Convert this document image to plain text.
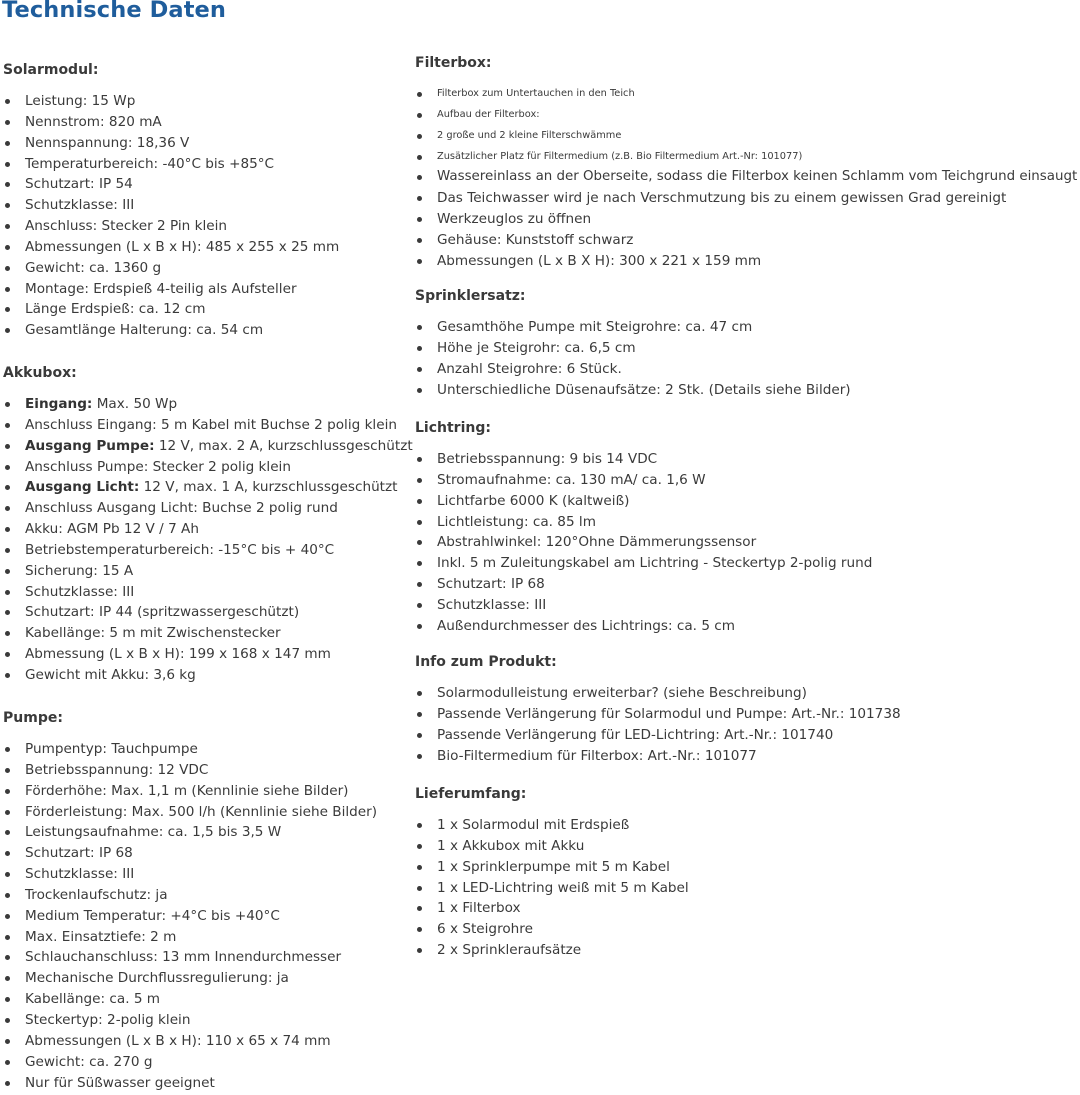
Technische Daten
Solarmodul:
Leistung: 15 Wp
Nennstrom: 820 mA
Nennspannung: 18,36 V
Temperaturbereich: -40°C bis +85°C
Schutzart: IP 54
Schutzklasse: III
Anschluss: Stecker 2 Pin klein
Abmessungen (L x B x H): 485 x 255 x 25 mm
Gewicht: ca. 1360 g
Montage: Erdspieß 4-teilig als Aufsteller
Länge Erdspieß: ca. 12 cm
Gesamtlänge Halterung: ca. 54 cm
Akkubox:
Eingang: Max. 50 Wp
Anschluss Eingang: 5 m Kabel mit Buchse 2 polig klein
Ausgang Pumpe: 12 V, max. 2 A, kurzschlussgeschützt
Anschluss Pumpe: Stecker 2 polig klein
Ausgang Licht: 12 V, max. 1 A, kurzschlussgeschützt
Anschluss Ausgang Licht: Buchse 2 polig rund
Akku: AGM Pb 12 V / 7 Ah
Betriebstemperaturbereich: -15°C bis + 40°C
Sicherung: 15 A
Schutzklasse: III
Schutzart: IP 44 (spritzwassergeschützt)
Kabellänge: 5 m mit Zwischenstecker
Abmessung (L x B x H): 199 x 168 x 147 mm
Gewicht mit Akku: 3,6 kg
Pumpe:
Pumpentyp: Tauchpumpe
Betriebsspannung: 12 VDC
Förderhöhe: Max. 1,1 m (Kennlinie siehe Bilder)
Förderleistung: Max. 500 l/h (Kennlinie siehe Bilder)
Leistungsaufnahme: ca. 1,5 bis 3,5 W
Schutzart: IP 68
Schutzklasse: III
Trockenlaufschutz: ja
Medium Temperatur: +4°C bis +40°C
Max. Einsatztiefe: 2 m
Schlauchanschluss: 13 mm Innendurchmesser
Mechanische Durchflussregulierung: ja
Kabellänge: ca. 5 m
Steckertyp: 2-polig klein
Abmessungen (L x B x H): 110 x 65 x 74 mm
Gewicht: ca. 270 g
Nur für Süßwasser geeignet
Filterbox:
Filterbox zum Untertauchen in den Teich
Aufbau der Filterbox:
2 große und 2 kleine Filterschwämme
Zusätzlicher Platz für Filtermedium (z.B. Bio Filtermedium Art.-Nr: 101077)
Wassereinlass an der Oberseite, sodass die Filterbox keinen Schlamm vom Teichgrund einsaugt
Das Teichwasser wird je nach Verschmutzung bis zu einem gewissen Grad gereinigt
Werkzeuglos zu öffnen
Gehäuse: Kunststoff schwarz
Abmessungen (L x B X H): 300 x 221 x 159 mm
Sprinklersatz:
Gesamthöhe Pumpe mit Steigrohre: ca. 47 cm
Höhe je Steigrohr: ca. 6,5 cm
Anzahl Steigrohre: 6 Stück.
Unterschiedliche Düsenaufsätze: 2 Stk. (Details siehe Bilder)
Lichtring:
Betriebsspannung: 9 bis 14 VDC
Stromaufnahme: ca. 130 mA/ ca. 1,6 W
Lichtfarbe 6000 K (kaltweiß)
Lichtleistung: ca. 85 lm
Abstrahlwinkel: 120°Ohne Dämmerungssensor
Inkl. 5 m Zuleitungskabel am Lichtring - Steckertyp 2-polig rund
Schutzart: IP 68
Schutzklasse: III
Außendurchmesser des Lichtrings: ca. 5 cm
Info zum Produkt:
Solarmodulleistung erweiterbar? (siehe Beschreibung)
Passende Verlängerung für Solarmodul und Pumpe: Art.-Nr.: 101738
Passende Verlängerung für LED-Lichtring: Art.-Nr.: 101740
Bio-Filtermedium für Filterbox: Art.-Nr.: 101077
Lieferumfang:
1 x Solarmodul mit Erdspieß
1 x Akkubox mit Akku
1 x Sprinklerpumpe mit 5 m Kabel
1 x LED-Lichtring weiß mit 5 m Kabel
1 x Filterbox
6 x Steigrohre
2 x Sprinkleraufsätze
